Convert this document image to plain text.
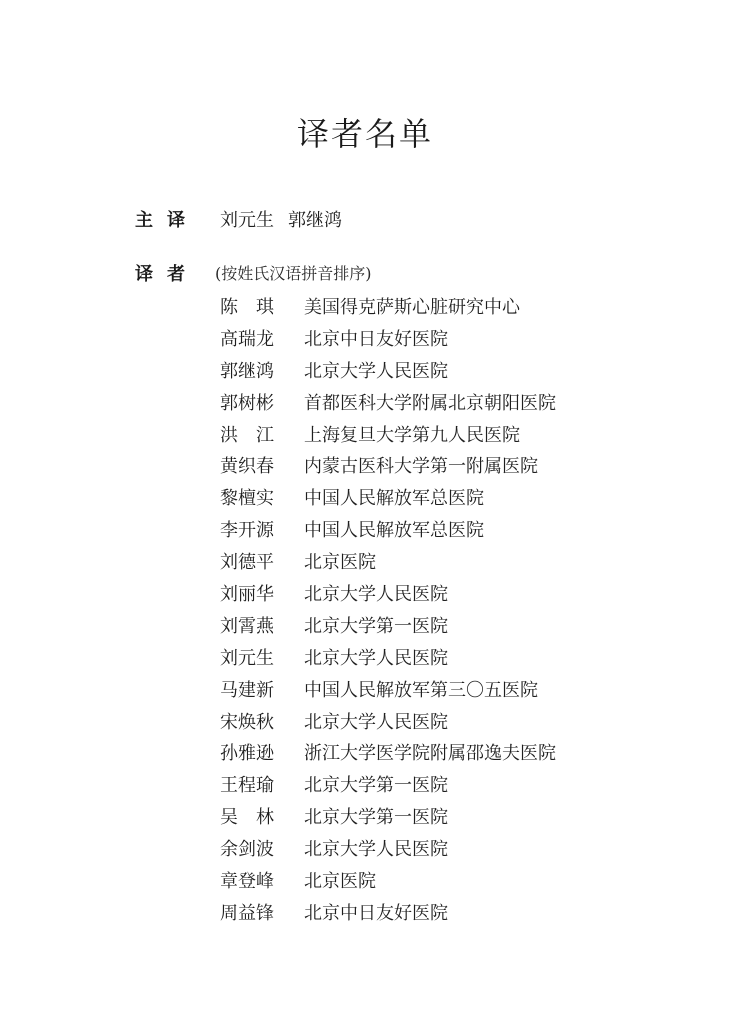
译者名单
主译 刘元生 郭继鸿
译者 (按姓氏汉语拼音排序)
陈　琪	美国得克萨斯心脏研究中心
高瑞龙	北京中日友好医院
郭继鸿	北京大学人民医院
郭树彬	首都医科大学附属北京朝阳医院
洪　江	上海复旦大学第九人民医院
黄织春	内蒙古医科大学第一附属医院
黎檀实	中国人民解放军总医院
李开源	中国人民解放军总医院
刘德平	北京医院
刘丽华	北京大学人民医院
刘霄燕	北京大学第一医院
刘元生	北京大学人民医院
马建新	中国人民解放军第三〇五医院
宋焕秋	北京大学人民医院
孙雅逊	浙江大学医学院附属邵逸夫医院
王程瑜	北京大学第一医院
吴　林	北京大学第一医院
余剑波	北京大学人民医院
章登峰	北京医院
周益锋	北京中日友好医院
